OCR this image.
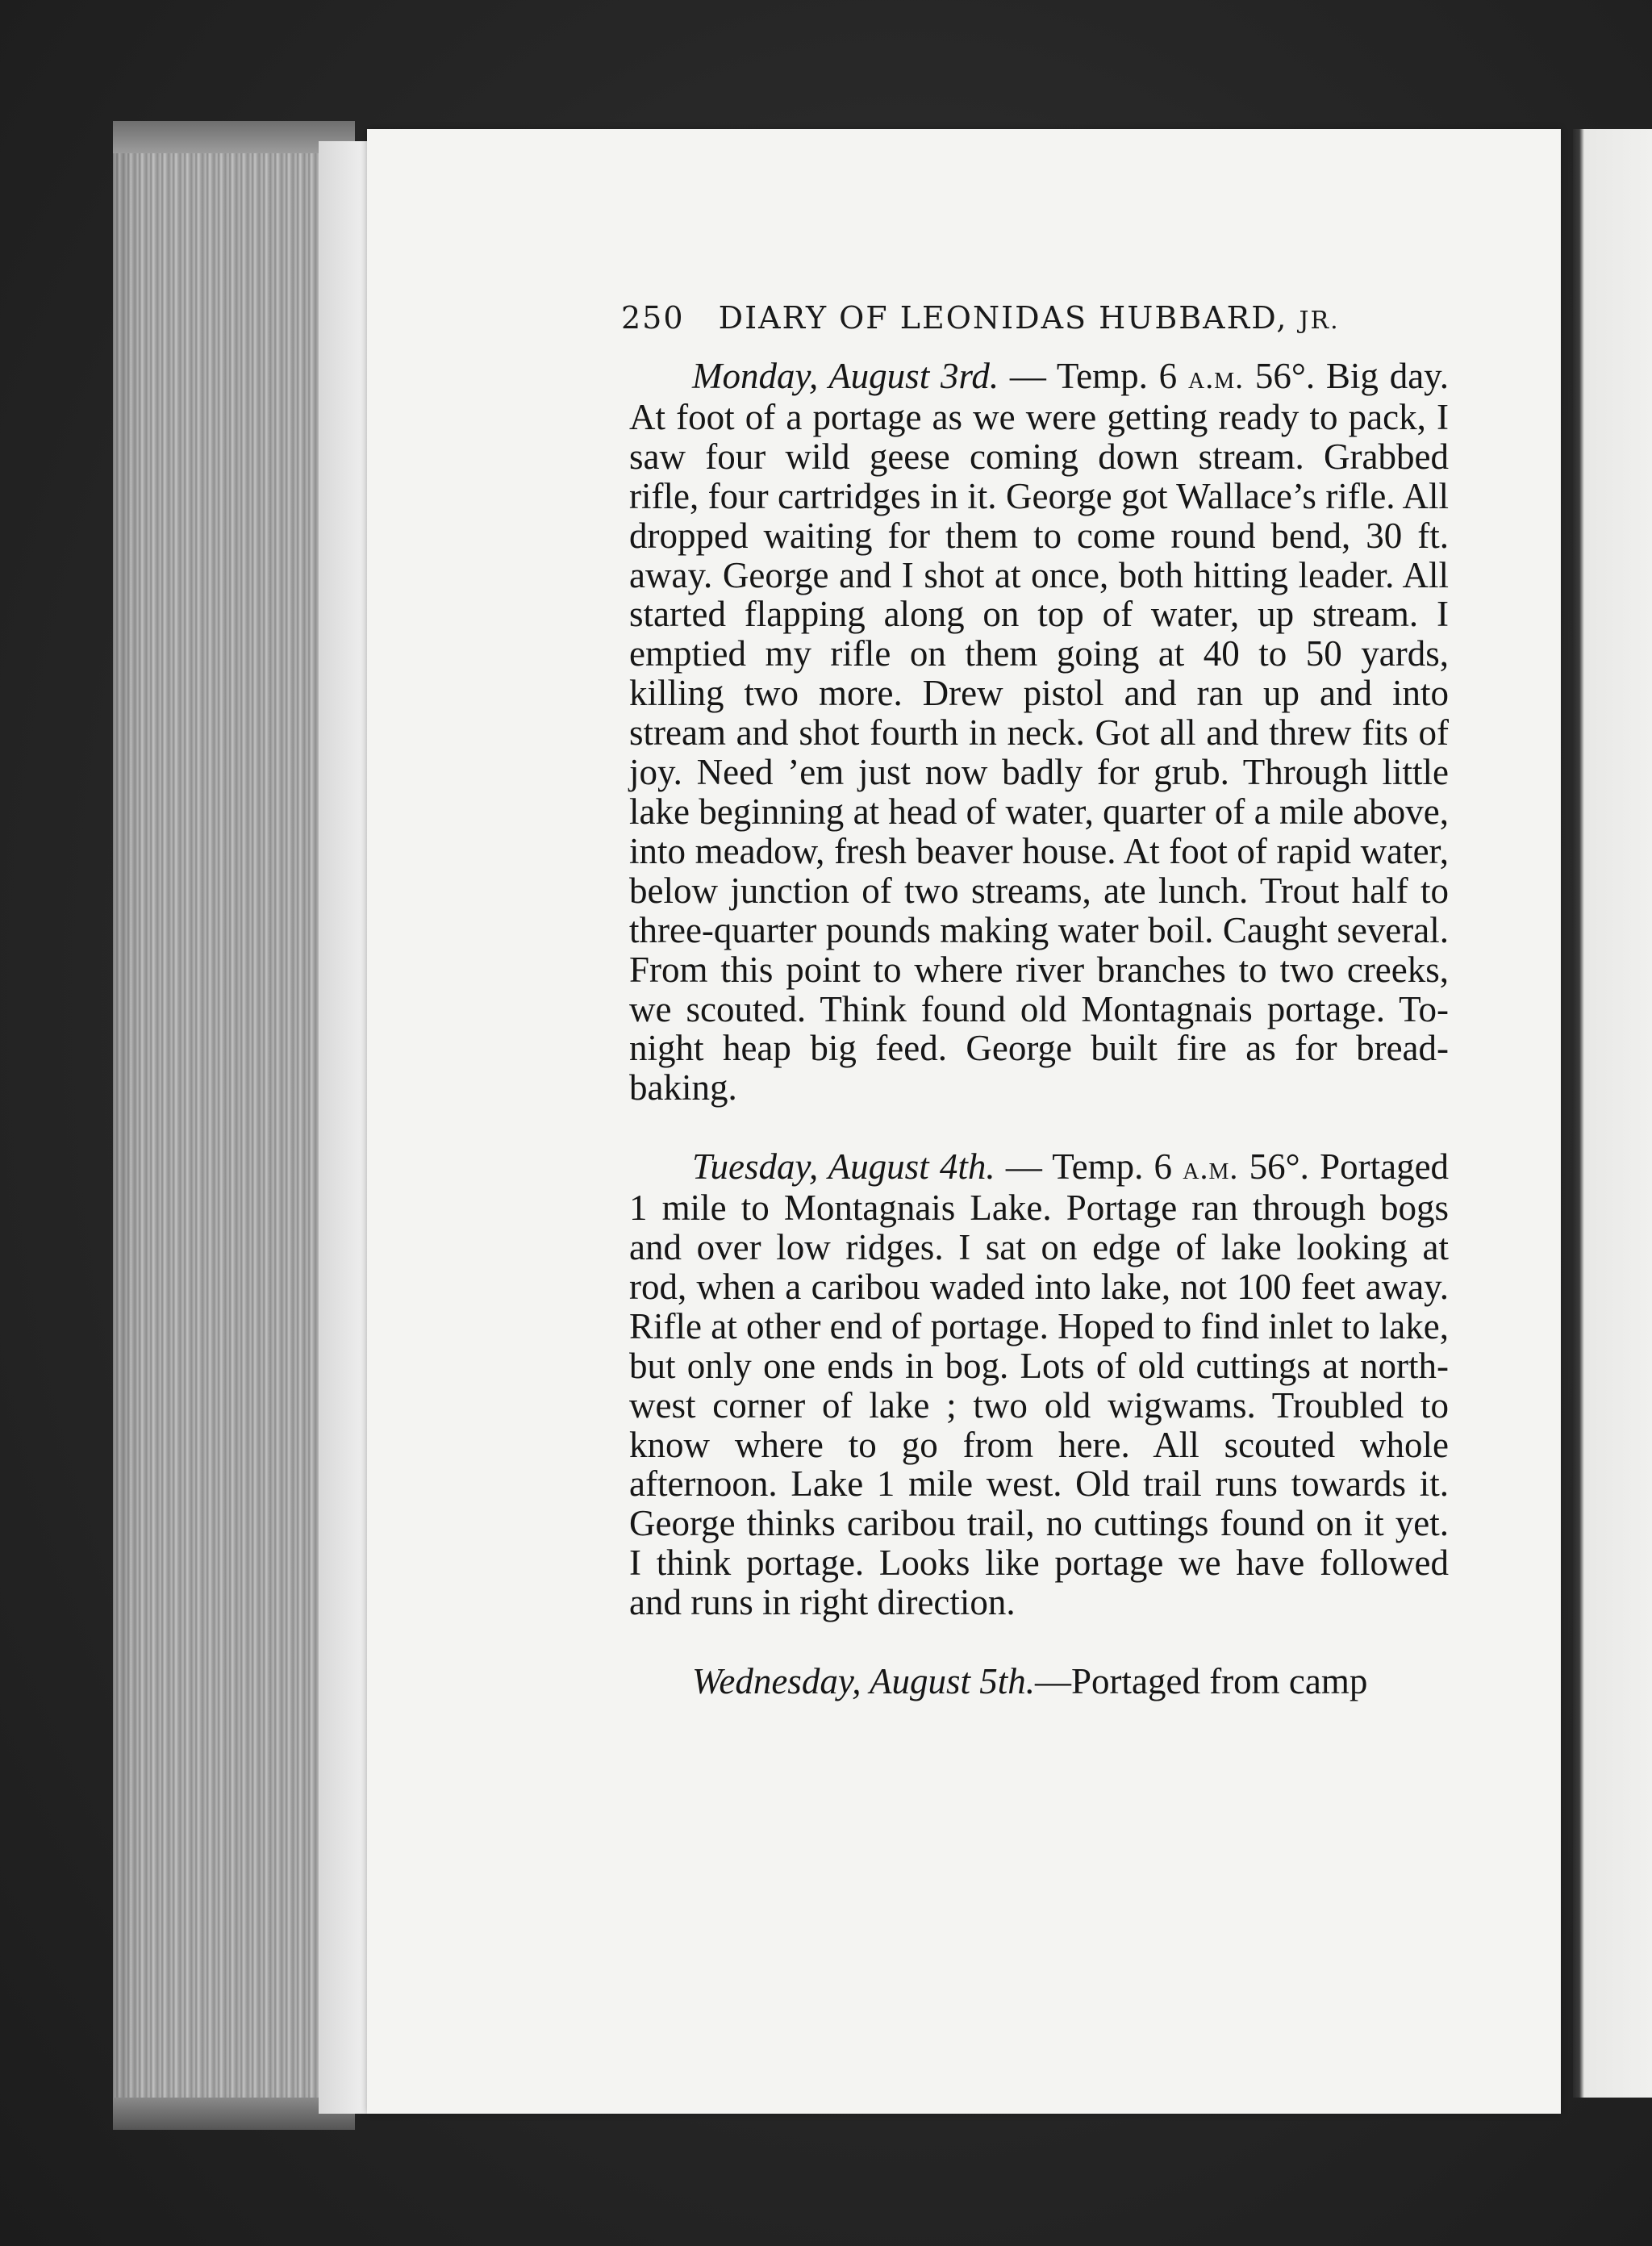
250 DIARY OF LEONIDAS HUBBARD, JR.

Monday, August 3rd. — Temp. 6 a.m. 56°. Big day. At foot of a portage as we were getting ready to pack, I saw four wild geese coming down stream. Grabbed rifle, four cartridges in it. George got Wallace’s rifle. All dropped waiting for them to come round bend, 30 ft. away. George and I shot at once, both hitting leader. All started flapping along on top of water, up stream. I emptied my rifle on them going at 40 to 50 yards, killing two more. Drew pistol and ran up and into stream and shot fourth in neck. Got all and threw fits of joy. Need ’em just now badly for grub. Through little lake beginning at head of water, quarter of a mile above, into meadow, fresh beaver house. At foot of rapid water, below junction of two streams, ate lunch. Trout half to three-quarter pounds making water boil. Caught several. From this point to where river branches to two creeks, we scouted. Think found old Montagnais portage. To-night heap big feed. George built fire as for bread-baking.

Tuesday, August 4th. — Temp. 6 a.m. 56°. Portaged 1 mile to Montagnais Lake. Portage ran through bogs and over low ridges. I sat on edge of lake looking at rod, when a caribou waded into lake, not 100 feet away. Rifle at other end of portage. Hoped to find inlet to lake, but only one ends in bog. Lots of old cuttings at north-west corner of lake ; two old wigwams. Troubled to know where to go from here. All scouted whole afternoon. Lake 1 mile west. Old trail runs towards it. George thinks caribou trail, no cuttings found on it yet. I think portage. Looks like portage we have followed and runs in right direction.

Wednesday, August 5th.—Portaged from camp
